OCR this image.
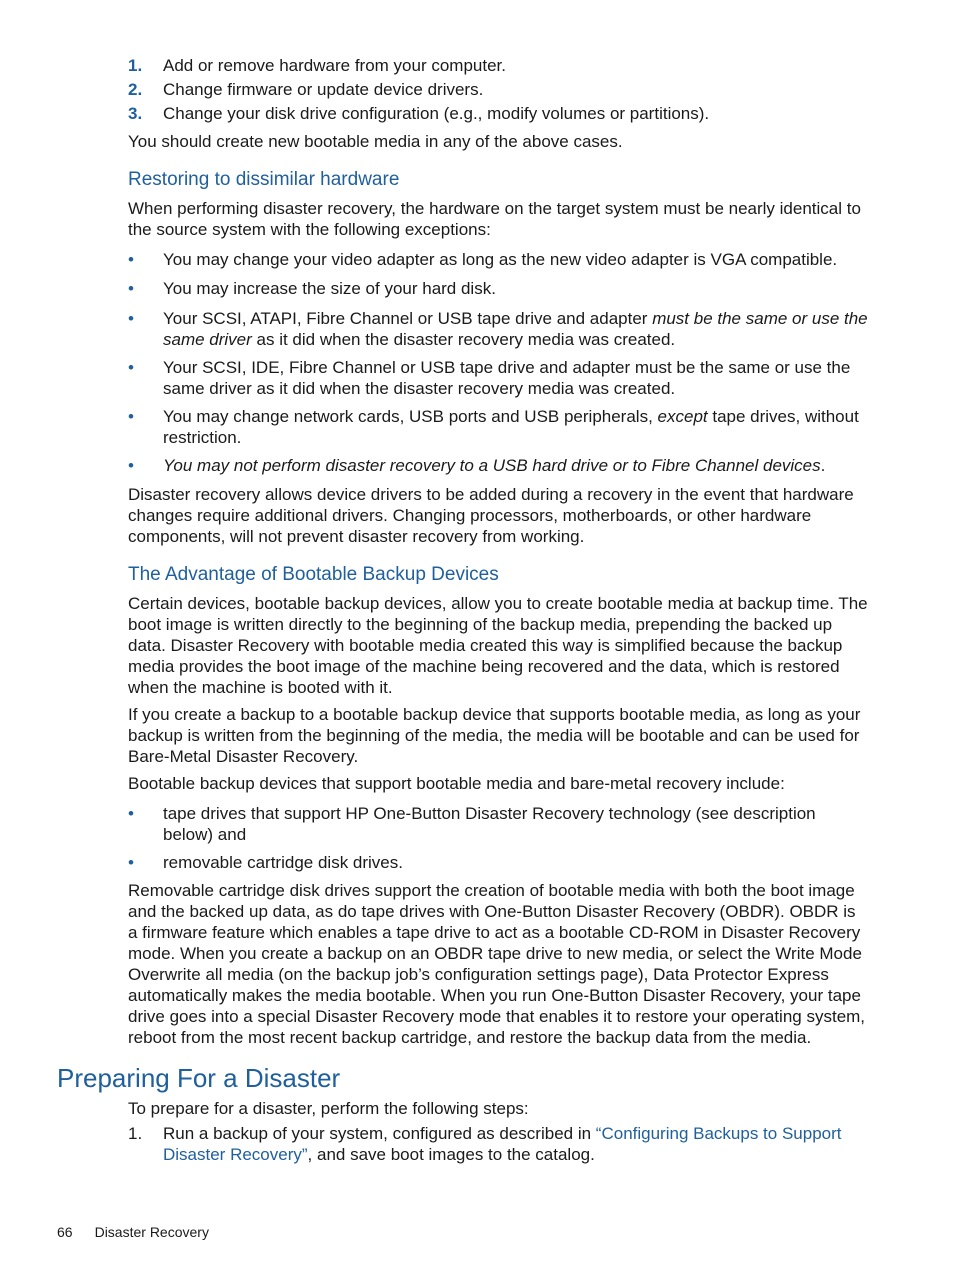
1. Add or remove hardware from your computer.
2. Change firmware or update device drivers.
3. Change your disk drive configuration (e.g., modify volumes or partitions).

You should create new bootable media in any of the above cases.

Restoring to dissimilar hardware

When performing disaster recovery, the hardware on the target system must be nearly identical to the source system with the following exceptions:

• You may change your video adapter as long as the new video adapter is VGA compatible.
• You may increase the size of your hard disk.
• Your SCSI, ATAPI, Fibre Channel or USB tape drive and adapter must be the same or use the same driver as it did when the disaster recovery media was created.
• Your SCSI, IDE, Fibre Channel or USB tape drive and adapter must be the same or use the same driver as it did when the disaster recovery media was created.
• You may change network cards, USB ports and USB peripherals, except tape drives, without restriction.
• You may not perform disaster recovery to a USB hard drive or to Fibre Channel devices.

Disaster recovery allows device drivers to be added during a recovery in the event that hardware changes require additional drivers. Changing processors, motherboards, or other hardware components, will not prevent disaster recovery from working.

The Advantage of Bootable Backup Devices

Certain devices, bootable backup devices, allow you to create bootable media at backup time. The boot image is written directly to the beginning of the backup media, prepending the backed up data. Disaster Recovery with bootable media created this way is simplified because the backup media provides the boot image of the machine being recovered and the data, which is restored when the machine is booted with it.

If you create a backup to a bootable backup device that supports bootable media, as long as your backup is written from the beginning of the media, the media will be bootable and can be used for Bare-Metal Disaster Recovery.

Bootable backup devices that support bootable media and bare-metal recovery include:

• tape drives that support HP One-Button Disaster Recovery technology (see description below) and
• removable cartridge disk drives.

Removable cartridge disk drives support the creation of bootable media with both the boot image and the backed up data, as do tape drives with One-Button Disaster Recovery (OBDR). OBDR is a firmware feature which enables a tape drive to act as a bootable CD-ROM in Disaster Recovery mode. When you create a backup on an OBDR tape drive to new media, or select the Write Mode Overwrite all media (on the backup job’s configuration settings page), Data Protector Express automatically makes the media bootable. When you run One-Button Disaster Recovery, your tape drive goes into a special Disaster Recovery mode that enables it to restore your operating system, reboot from the most recent backup cartridge, and restore the backup data from the media.

Preparing For a Disaster

To prepare for a disaster, perform the following steps:

1. Run a backup of your system, configured as described in “Configuring Backups to Support Disaster Recovery”, and save boot images to the catalog.
66 Disaster Recovery
